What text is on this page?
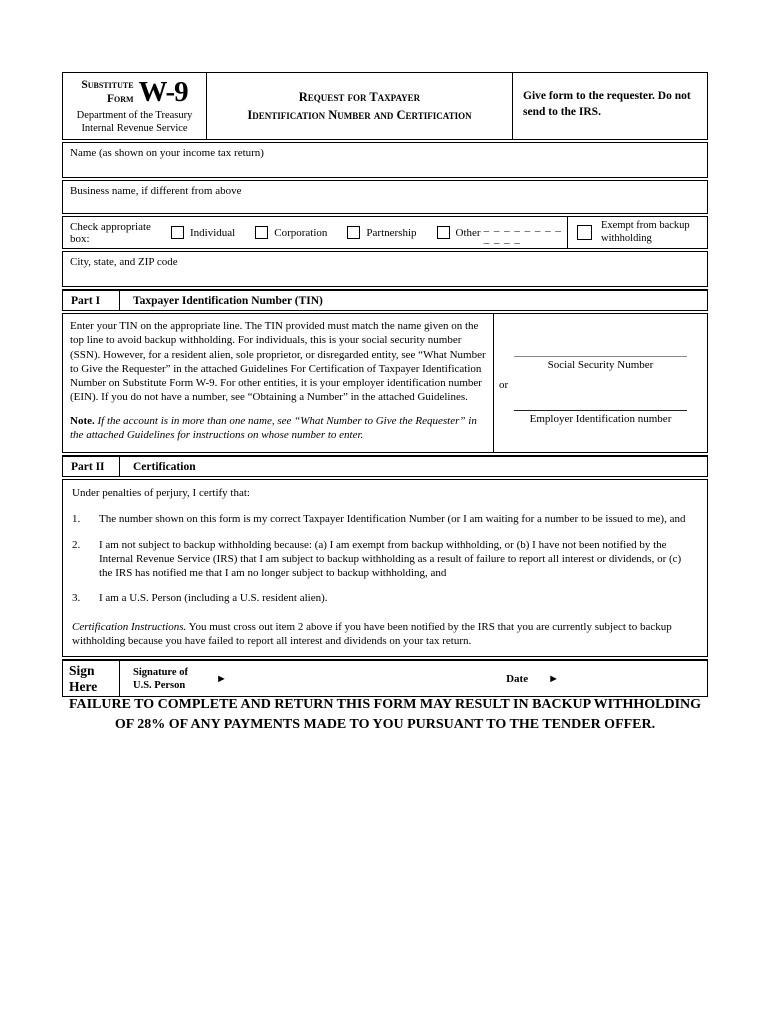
Substitute
Form W-9
Department of the Treasury
Internal Revenue Service
Request for Taxpayer
Identification Number and Certification
Give form to the requester. Do not send to the IRS.
Name (as shown on your income tax return)
Business name, if different from above
Check appropriate box:	Individual	Corporation	Partnership	Other _ _ _ _ _ _ _ _ _ _ _ _
Exempt from backup withholding
City, state, and ZIP code
Part I	Taxpayer Identification Number (TIN)
Enter your TIN on the appropriate line. The TIN provided must match the name given on the top line to avoid backup withholding. For individuals, this is your social security number (SSN). However, for a resident alien, sole proprietor, or disregarded entity, see “What Number to Give the Requester” in the attached Guidelines For Certification of Taxpayer Identification Number on Substitute Form W-9. For other entities, it is your employer identification number (EIN). If you do not have a number, see “Obtaining a Number” in the attached Guidelines.
Note. If the account is in more than one name, see “What Number to Give the Requester” in the attached Guidelines for instructions on whose number to enter.
Social Security Number
or
Employer Identification number
Part II	Certification
Under penalties of perjury, I certify that:
1.	The number shown on this form is my correct Taxpayer Identification Number (or I am waiting for a number to be issued to me), and
2.	I am not subject to backup withholding because: (a) I am exempt from backup withholding, or (b) I have not been notified by the Internal Revenue Service (IRS) that I am subject to backup withholding as a result of failure to report all interest or dividends, or (c) the IRS has notified me that I am no longer subject to backup withholding, and
3.	I am a U.S. Person (including a U.S. resident alien).
Certification Instructions. You must cross out item 2 above if you have been notified by the IRS that you are currently subject to backup withholding because you have failed to report all interest and dividends on your tax return.
Sign
Here
Signature of
U.S. Person
►	Date ►
FAILURE TO COMPLETE AND RETURN THIS FORM MAY RESULT IN BACKUP WITHHOLDING
OF 28% OF ANY PAYMENTS MADE TO YOU PURSUANT TO THE TENDER OFFER.
